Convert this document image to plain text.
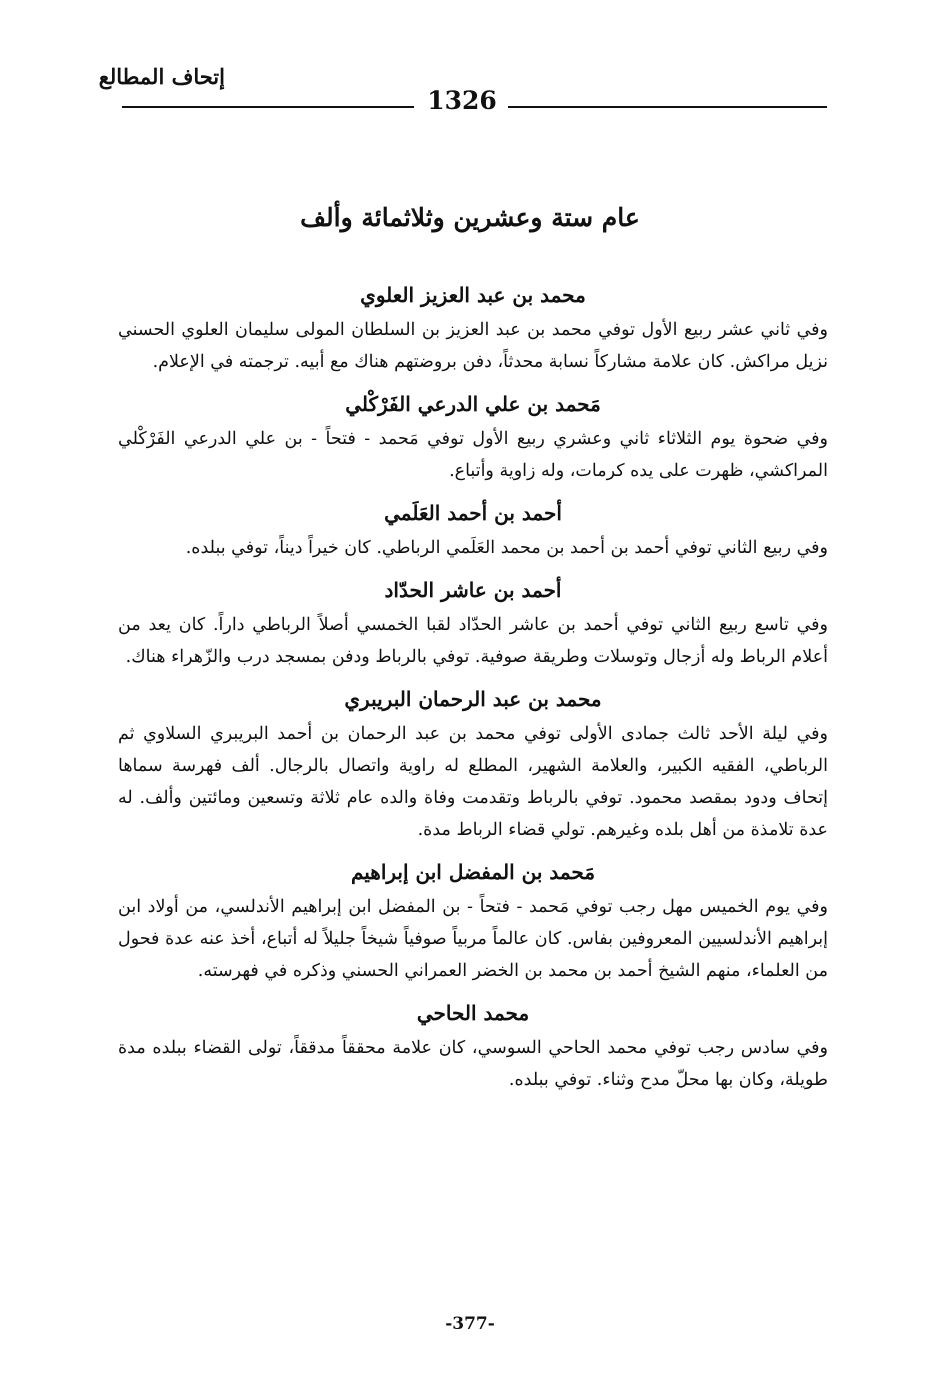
إتحاف المطالع
1326
عام ستة وعشرين وثلاثمائة وألف
محمد بن عبد العزيز العلوي

وفي ثاني عشر ربيع الأول توفي محمد بن عبد العزيز بن السلطان المولى سليمان العلوي الحسني نزيل مراكش. كان علامة مشاركاً نسابة محدثاً، دفن بروضتهم هناك مع أبيه. ترجمته في الإعلام.

مَحمد بن علي الدرعي الفَرْكْلي

وفي ضحوة يوم الثلاثاء ثاني وعشري ربيع الأول توفي مَحمد - فتحاً - بن علي الدرعي الفَرْكْلي المراكشي، ظهرت على يده كرمات، وله زاوية وأتباع.

أحمد بن أحمد العَلَمي

وفي ربيع الثاني توفي أحمد بن أحمد بن محمد العَلَمي الرباطي. كان خيراً ديناً، توفي ببلده.

أحمد بن عاشر الحدّاد

وفي تاسع ربيع الثاني توفي أحمد بن عاشر الحدّاد لقبا الخمسي أصلاً الرباطي داراً. كان يعد من أعلام الرباط وله أزجال وتوسلات وطريقة صوفية. توفي بالرباط ودفن بمسجد درب والزّهراء هناك.

محمد بن عبد الرحمان البريبري

وفي ليلة الأحد ثالث جمادى الأولى توفي محمد بن عبد الرحمان بن أحمد البريبري السلاوي ثم الرباطي، الفقيه الكبير، والعلامة الشهير، المطلع له راوية واتصال بالرجال. ألف فهرسة سماها إتحاف ودود بمقصد محمود. توفي بالرباط وتقدمت وفاة والده عام ثلاثة وتسعين ومائتين وألف. له عدة تلامذة من أهل بلده وغيرهم. تولي قضاء الرباط مدة.

مَحمد بن المفضل ابن إبراهيم

وفي يوم الخميس مهل رجب توفي مَحمد - فتحاً - بن المفضل ابن إبراهيم الأندلسي، من أولاد ابن إبراهيم الأندلسيين المعروفين بفاس. كان عالماً مربياً صوفياً شيخاً جليلاً له أتباع، أخذ عنه عدة فحول من العلماء، منهم الشيخ أحمد بن محمد بن الخضر العمراني الحسني وذكره في فهرسته.

محمد الحاحي

وفي سادس رجب توفي محمد الحاحي السوسي، كان علامة محققاً مدققاً، تولى القضاء ببلده مدة طويلة، وكان بها محلّ مدح وثناء. توفي ببلده.

-377-
